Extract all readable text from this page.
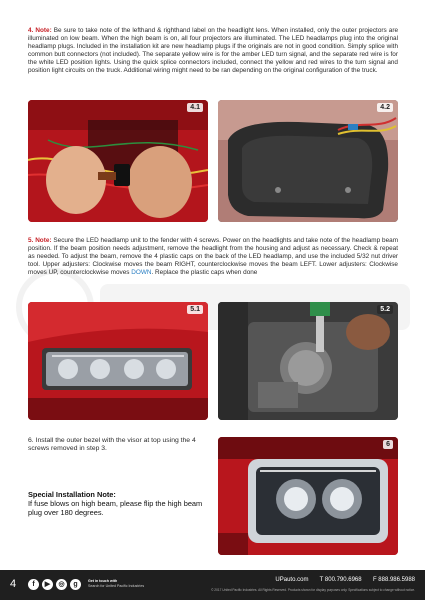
4. Note: Be sure to take note of the lefthand & righthand label on the headlight lens. When installed, only the outer projectors are illuminated on low beam. When the high beam is on, all four projectors are illuminated. The LED headlamps plug into the original headlamp plugs. Included in the installation kit are new headlamp plugs if the originals are not in good condition. Simply splice with common butt connectors (not included). The separate yellow wire is for the amber LED turn signal, and the separate red wire is for the white LED position lights. Using the quick splice connectors included, connect the yellow and red wires to the turn signal and position light circuits on the truck. Additional wiring might need to be ran depending on the original configuration of the truck.
4.1	4.2
5. Note: Secure the LED headlamp unit to the fender with 4 screws. Power on the headlights and take note of the headlamp beam position. If the beam position needs adjustment, remove the headlight from the housing and adjust as necessary. Check & repeat as needed. To adjust the beam, remove the 4 plastic caps on the back of the LED headlamp, and use the included 5/32 nut driver tool. Upper adjusters: Clockwise moves the beam RIGHT, counterclockwise moves the beam LEFT. Lower adjusters: Clockwise moves UP, counterclockwise moves DOWN. Replace the plastic caps when done
5.1	5.2
6. Install the outer bezel with the visor at top using the 4 screws removed in step 3.
Special Installation Note:
If fuse blows on high beam, please flip the high beam plug over 180 degrees.
6
4	f	▶	◎	g	Get in touch with
Search for United Pacific Industries
UPauto.com T 800.790.6968 F 888.986.5988
© 2017 United Pacific Industries. All Rights Reserved. Products shown for display purposes only. Specifications subject to change without notice.
